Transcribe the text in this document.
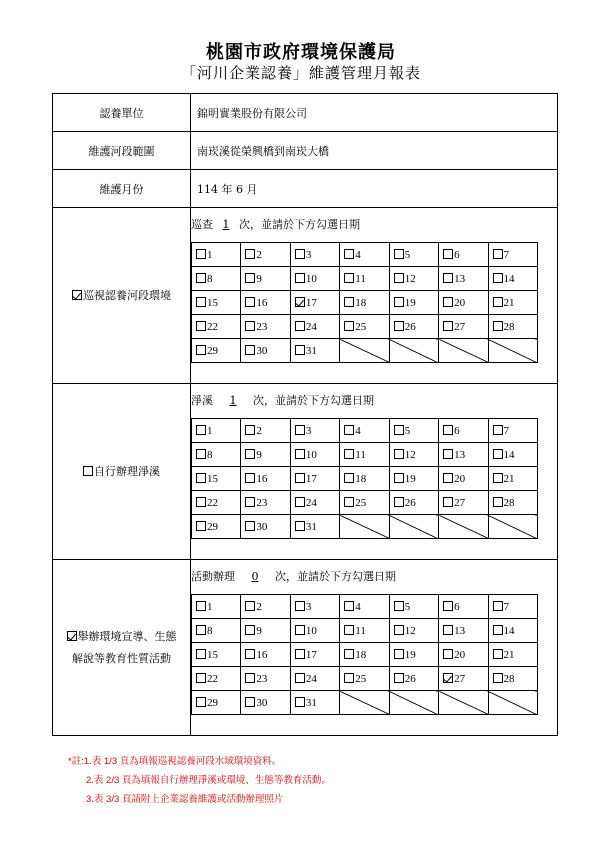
桃園市政府環境保護局
「河川企業認養」維護管理月報表
認養單位	錦明實業股份有限公司
維護河段範圍	南崁溪從榮興橋到南崁大橋
維護月份	114 年 6 月
巡視認養河段環境	
巡查 1 次，並請於下方勾選日期
1	2	3	4	5	6	7
8	9	10	11	12	13	14
15	16	17	18	19	20	21
22	23	24	25	26	27	28
29	30	31				

自行辦理淨溪	
淨溪 1 次，並請於下方勾選日期
1	2	3	4	5	6	7
8	9	10	11	12	13	14
15	16	17	18	19	20	21
22	23	24	25	26	27	28
29	30	31				

舉辦環境宣導、生態
解說等教育性質活動	
活動辦理 0 次，並請於下方勾選日期
1	2	3	4	5	6	7
8	9	10	11	12	13	14
15	16	17	18	19	20	21
22	23	24	25	26	27	28
29	30	31				
*註:1.表 1/3 頁為填報巡視認養河段水域環境資料。
2.表 2/3 頁為填報自行辦理淨溪或環境、生態等教育活動。
3.表 3/3 頁請附上企業認養維護或活動辦理照片
